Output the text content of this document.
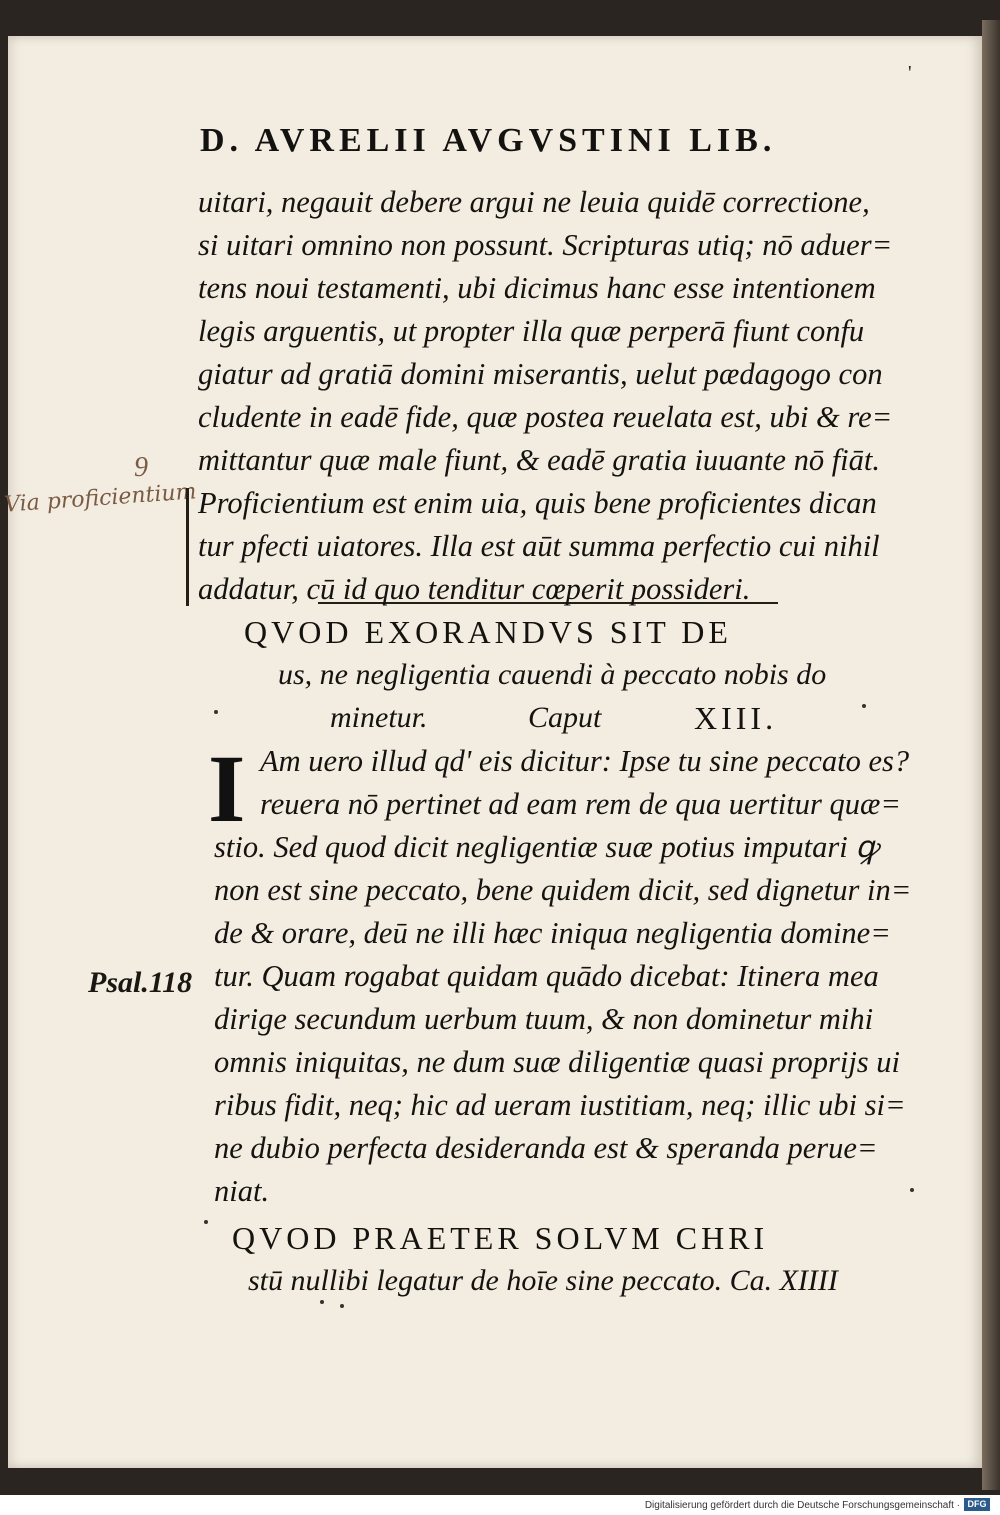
'
D. AVRELII AVGVSTINI LIB.
9
Via proficientium
Psal.118
uitari, negauit debere argui ne leuia quidē correctione,
si uitari omnino non possunt. Scripturas utiq; nō aduer=
tens noui testamenti, ubi dicimus hanc esse intentionem
legis arguentis, ut propter illa quæ perperā fiunt confu
giatur ad gratiā domini miserantis, uelut pædagogo con
cludente in eadē fide, quæ postea reuelata est, ubi & re=
mittantur quæ male fiunt, & eadē gratia iuuante nō fiāt.
Proficientium est enim uia, quis bene proficientes dican
tur pfecti uiatores. Illa est aūt summa perfectio cui nihil
addatur, cū id quo tenditur cœperit possideri.
QVOD EXORANDVS SIT DE
us, ne negligentia cauendi à peccato nobis do
minetur.	Caput	XIII.
I Am uero illud qd' eis dicitur: Ipse tu sine peccato es?
reuera nō pertinet ad eam rem de qua uertitur quæ=
stio. Sed quod dicit negligentiæ suæ potius imputari ꝙ
non est sine peccato, bene quidem dicit, sed dignetur in=
de & orare, deū ne illi hæc iniqua negligentia dominе=
tur. Quam rogabat quidam quādo dicebat: Itinera mea
dirige secundum uerbum tuum, & non dominetur mihi
omnis iniquitas, ne dum suæ diligentiæ quasi proprijs ui
ribus fidit, neq; hic ad ueram iustitiam, neq; illic ubi si=
ne dubio perfecta desideranda est & speranda perue=
niat.
QVOD PRAETER SOLVM CHRI
stū nullibi legatur de hoīe sine peccato. Ca. XIIII
Digitalisierung gefördert durch die Deutsche Forschungsgemeinschaft · DFG
